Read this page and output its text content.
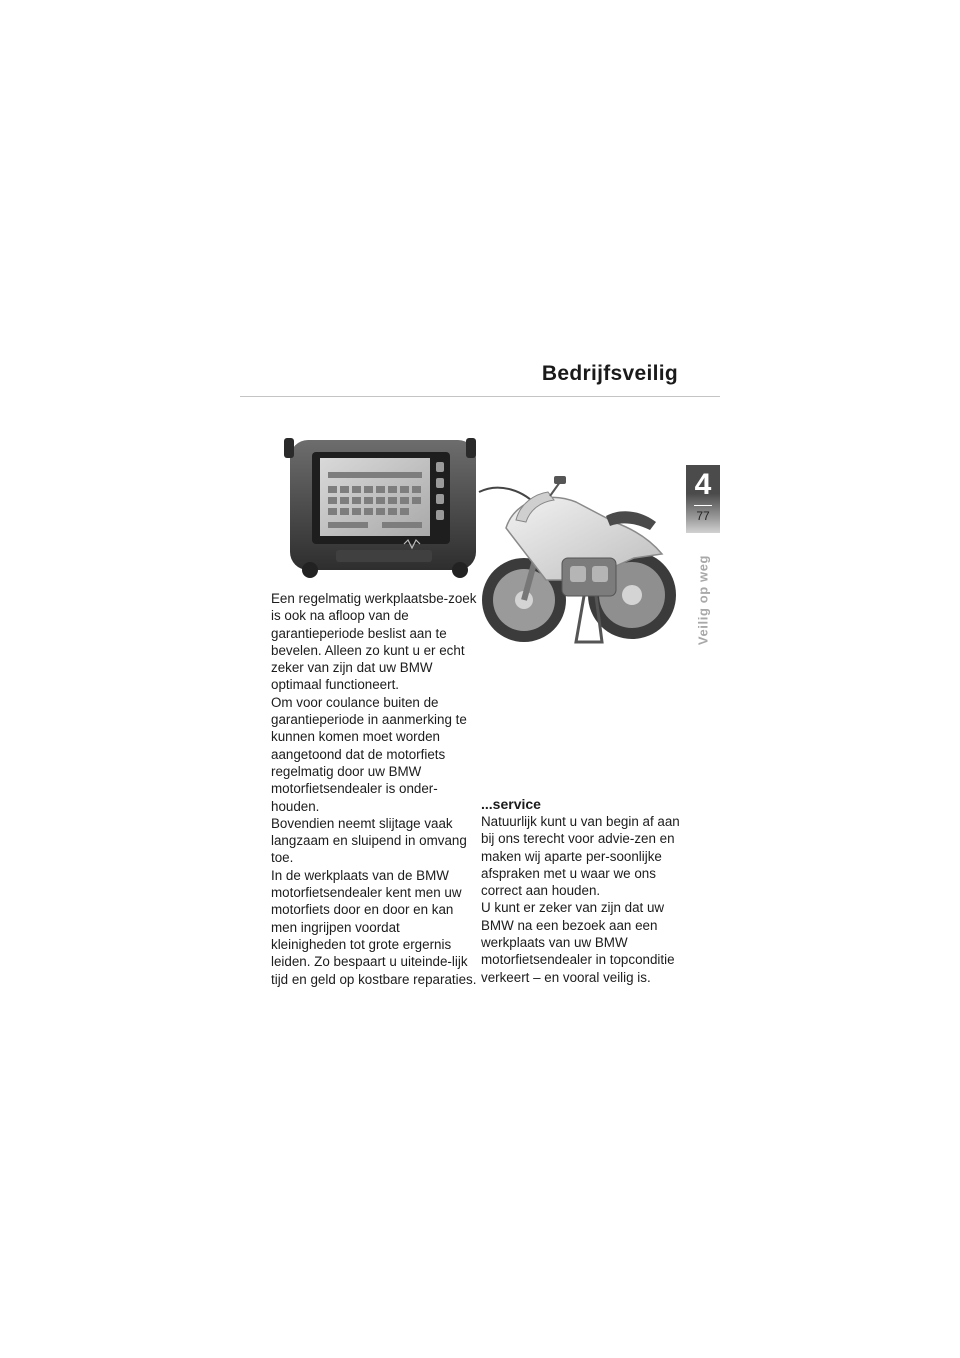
Bedrijfsveilig
4
77
Veilig op weg

Een regelmatig werkplaatsbe-zoek is ook na afloop van de garantieperiode beslist aan te bevelen. Alleen zo kunt u er echt zeker van zijn dat uw BMW optimaal functioneert.

Om voor coulance buiten de garantieperiode in aanmerking te kunnen komen moet worden aangetoond dat de motorfiets regelmatig door uw BMW motorfietsendealer is onder-houden.

Bovendien neemt slijtage vaak langzaam en sluipend in omvang toe.

In de werkplaats van de BMW motorfietsendealer kent men uw motorfiets door en door en kan men ingrijpen voordat kleinigheden tot grote ergernis leiden. Zo bespaart u uiteinde-lijk tijd en geld op kostbare reparaties.

...service

Natuurlijk kunt u van begin af aan bij ons terecht voor advie-zen en maken wij aparte per-soonlijke afspraken met u waar we ons correct aan houden.

U kunt er zeker van zijn dat uw BMW na een bezoek aan een werkplaats van uw BMW motorfietsendealer in topconditie verkeert – en vooral veilig is.
